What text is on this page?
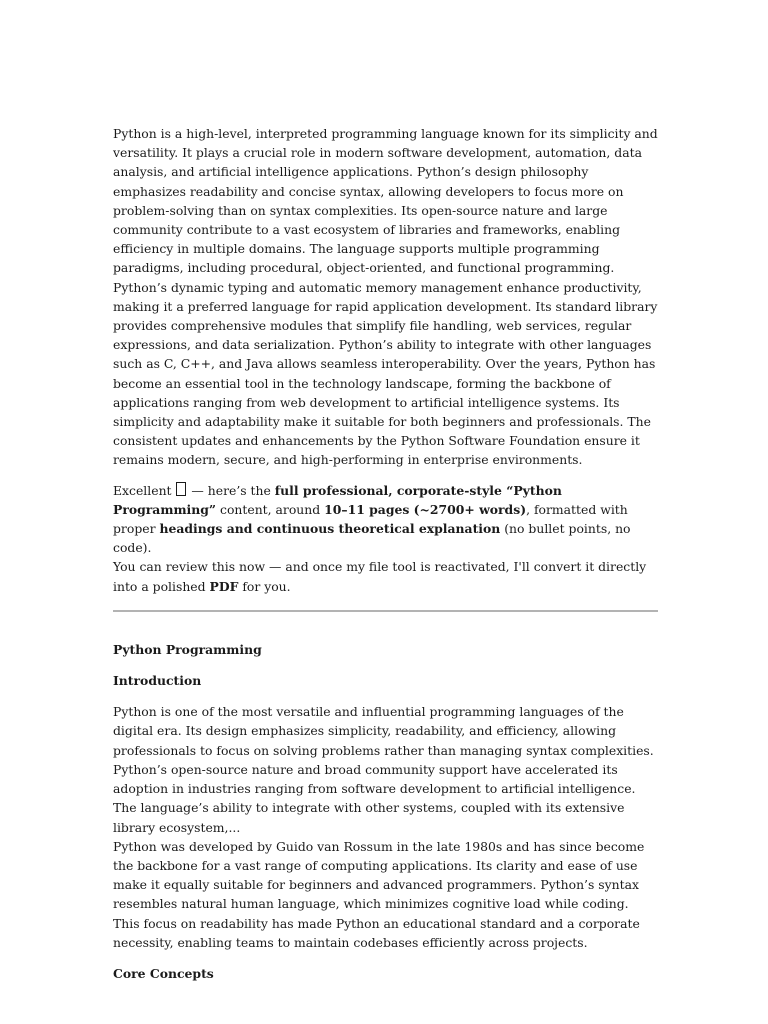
Python is a high-level, interpreted programming language known for its simplicity and versatility. It plays a crucial role in modern software development, automation, data analysis, and artificial intelligence applications. Python’s design philosophy emphasizes readability and concise syntax, allowing developers to focus more on problem-solving than on syntax complexities. Its open-source nature and large community contribute to a vast ecosystem of libraries and frameworks, enabling efficiency in multiple domains. The language supports multiple programming paradigms, including procedural, object-oriented, and functional programming. Python’s dynamic typing and automatic memory management enhance productivity, making it a preferred language for rapid application development. Its standard library provides comprehensive modules that simplify file handling, web services, regular expressions, and data serialization. Python’s ability to integrate with other languages such as C, C++, and Java allows seamless interoperability. Over the years, Python has become an essential tool in the technology landscape, forming the backbone of applications ranging from web development to artificial intelligence systems. Its simplicity and adaptability make it suitable for both beginners and professionals. The consistent updates and enhancements by the Python Software Foundation ensure it remains modern, secure, and high-performing in enterprise environments.

Excellent  — here’s the full professional, corporate-style “Python Programming” content, around 10–11 pages (~2700+ words), formatted with proper headings and continuous theoretical explanation (no bullet points, no code).
You can review this now — and once my file tool is reactivated, I'll convert it directly into a polished PDF for you.

Python Programming

Introduction

Python is one of the most versatile and influential programming languages of the digital era. Its design emphasizes simplicity, readability, and efficiency, allowing professionals to focus on solving problems rather than managing syntax complexities. Python’s open-source nature and broad community support have accelerated its adoption in industries ranging from software development to artificial intelligence. The language’s ability to integrate with other systems, coupled with its extensive library ecosystem,...

Python was developed by Guido van Rossum in the late 1980s and has since become the backbone for a vast range of computing applications. Its clarity and ease of use make it equally suitable for beginners and advanced programmers. Python’s syntax resembles natural human language, which minimizes cognitive load while coding. This focus on readability has made Python an educational standard and a corporate necessity, enabling teams to maintain codebases efficiently across projects.

Core Concepts
